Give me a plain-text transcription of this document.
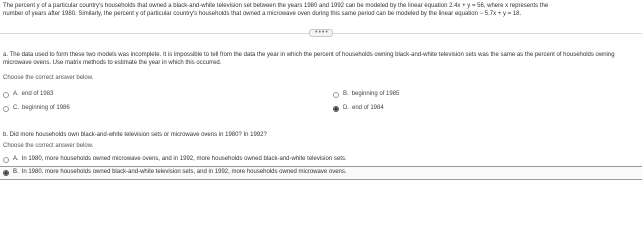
The percent y of a particular country's households that owned a black-and-white television set between the years 1980 and 1992 can be modeled by the linear equation 2.4x + y = 56, where x represents the
number of years after 1980. Similarly, the percent y of particular country's households that owned a microwave oven during this same period can be modeled by the linear equation − 5.7x + y = 18.
••••
a. The data used to form these two models was incomplete. It is impossible to tell from the data the year in which the percent of households owning black-and-white television sets was the same as the percent of households owning microwave ovens. Use matrix methods to estimate the year in which this occurred.
Choose the correct answer below.
A. end of 1983	B. beginning of 1985
C. beginning of 1986	D. end of 1984
b. Did more households own black-and-white television sets or microwave ovens in 1980? In 1992?
Choose the correct answer below.
A. In 1980, more households owned microwave ovens, and in 1992, more households owned black-and-white television sets.
B. In 1980, more households owned black-and-white television sets, and in 1992, more households owned microwave ovens.
